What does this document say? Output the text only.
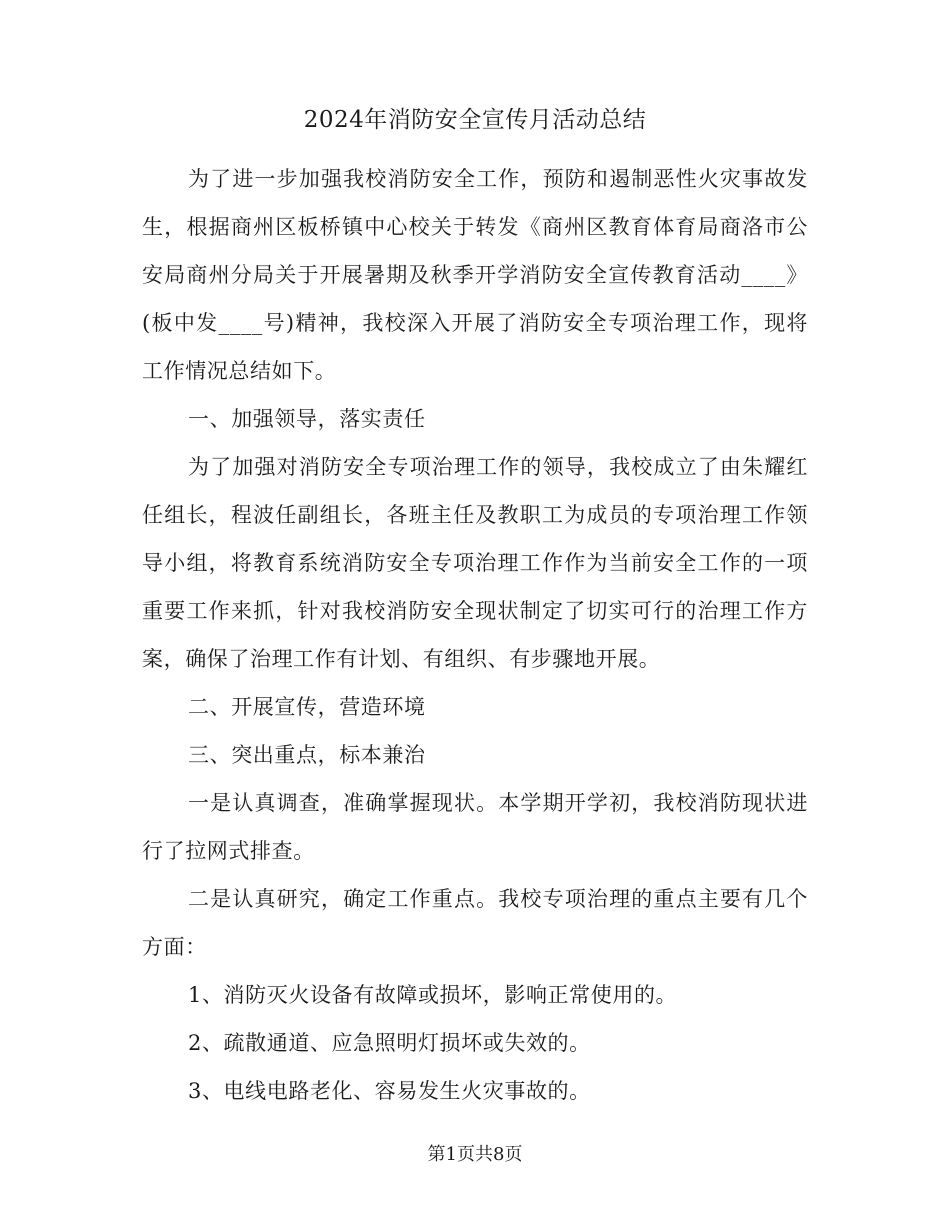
2024年消防安全宣传月活动总结

为了进一步加强我校消防安全工作，预防和遏制恶性火灾事故发生，根据商州区板桥镇中心校关于转发《商州区教育体育局商洛市公安局商州分局关于开展暑期及秋季开学消防安全宣传教育活动____》(板中发____号)精神，我校深入开展了消防安全专项治理工作，现将工作情况总结如下。

一、加强领导，落实责任

为了加强对消防安全专项治理工作的领导，我校成立了由朱耀红任组长，程波任副组长，各班主任及教职工为成员的专项治理工作领导小组，将教育系统消防安全专项治理工作作为当前安全工作的一项重要工作来抓，针对我校消防安全现状制定了切实可行的治理工作方案，确保了治理工作有计划、有组织、有步骤地开展。

二、开展宣传，营造环境

三、突出重点，标本兼治

一是认真调查，准确掌握现状。本学期开学初，我校消防现状进行了拉网式排查。

二是认真研究，确定工作重点。我校专项治理的重点主要有几个方面：

1、消防灭火设备有故障或损坏，影响正常使用的。

2、疏散通道、应急照明灯损坏或失效的。

3、电线电路老化、容易发生火灾事故的。

第1页共8页
